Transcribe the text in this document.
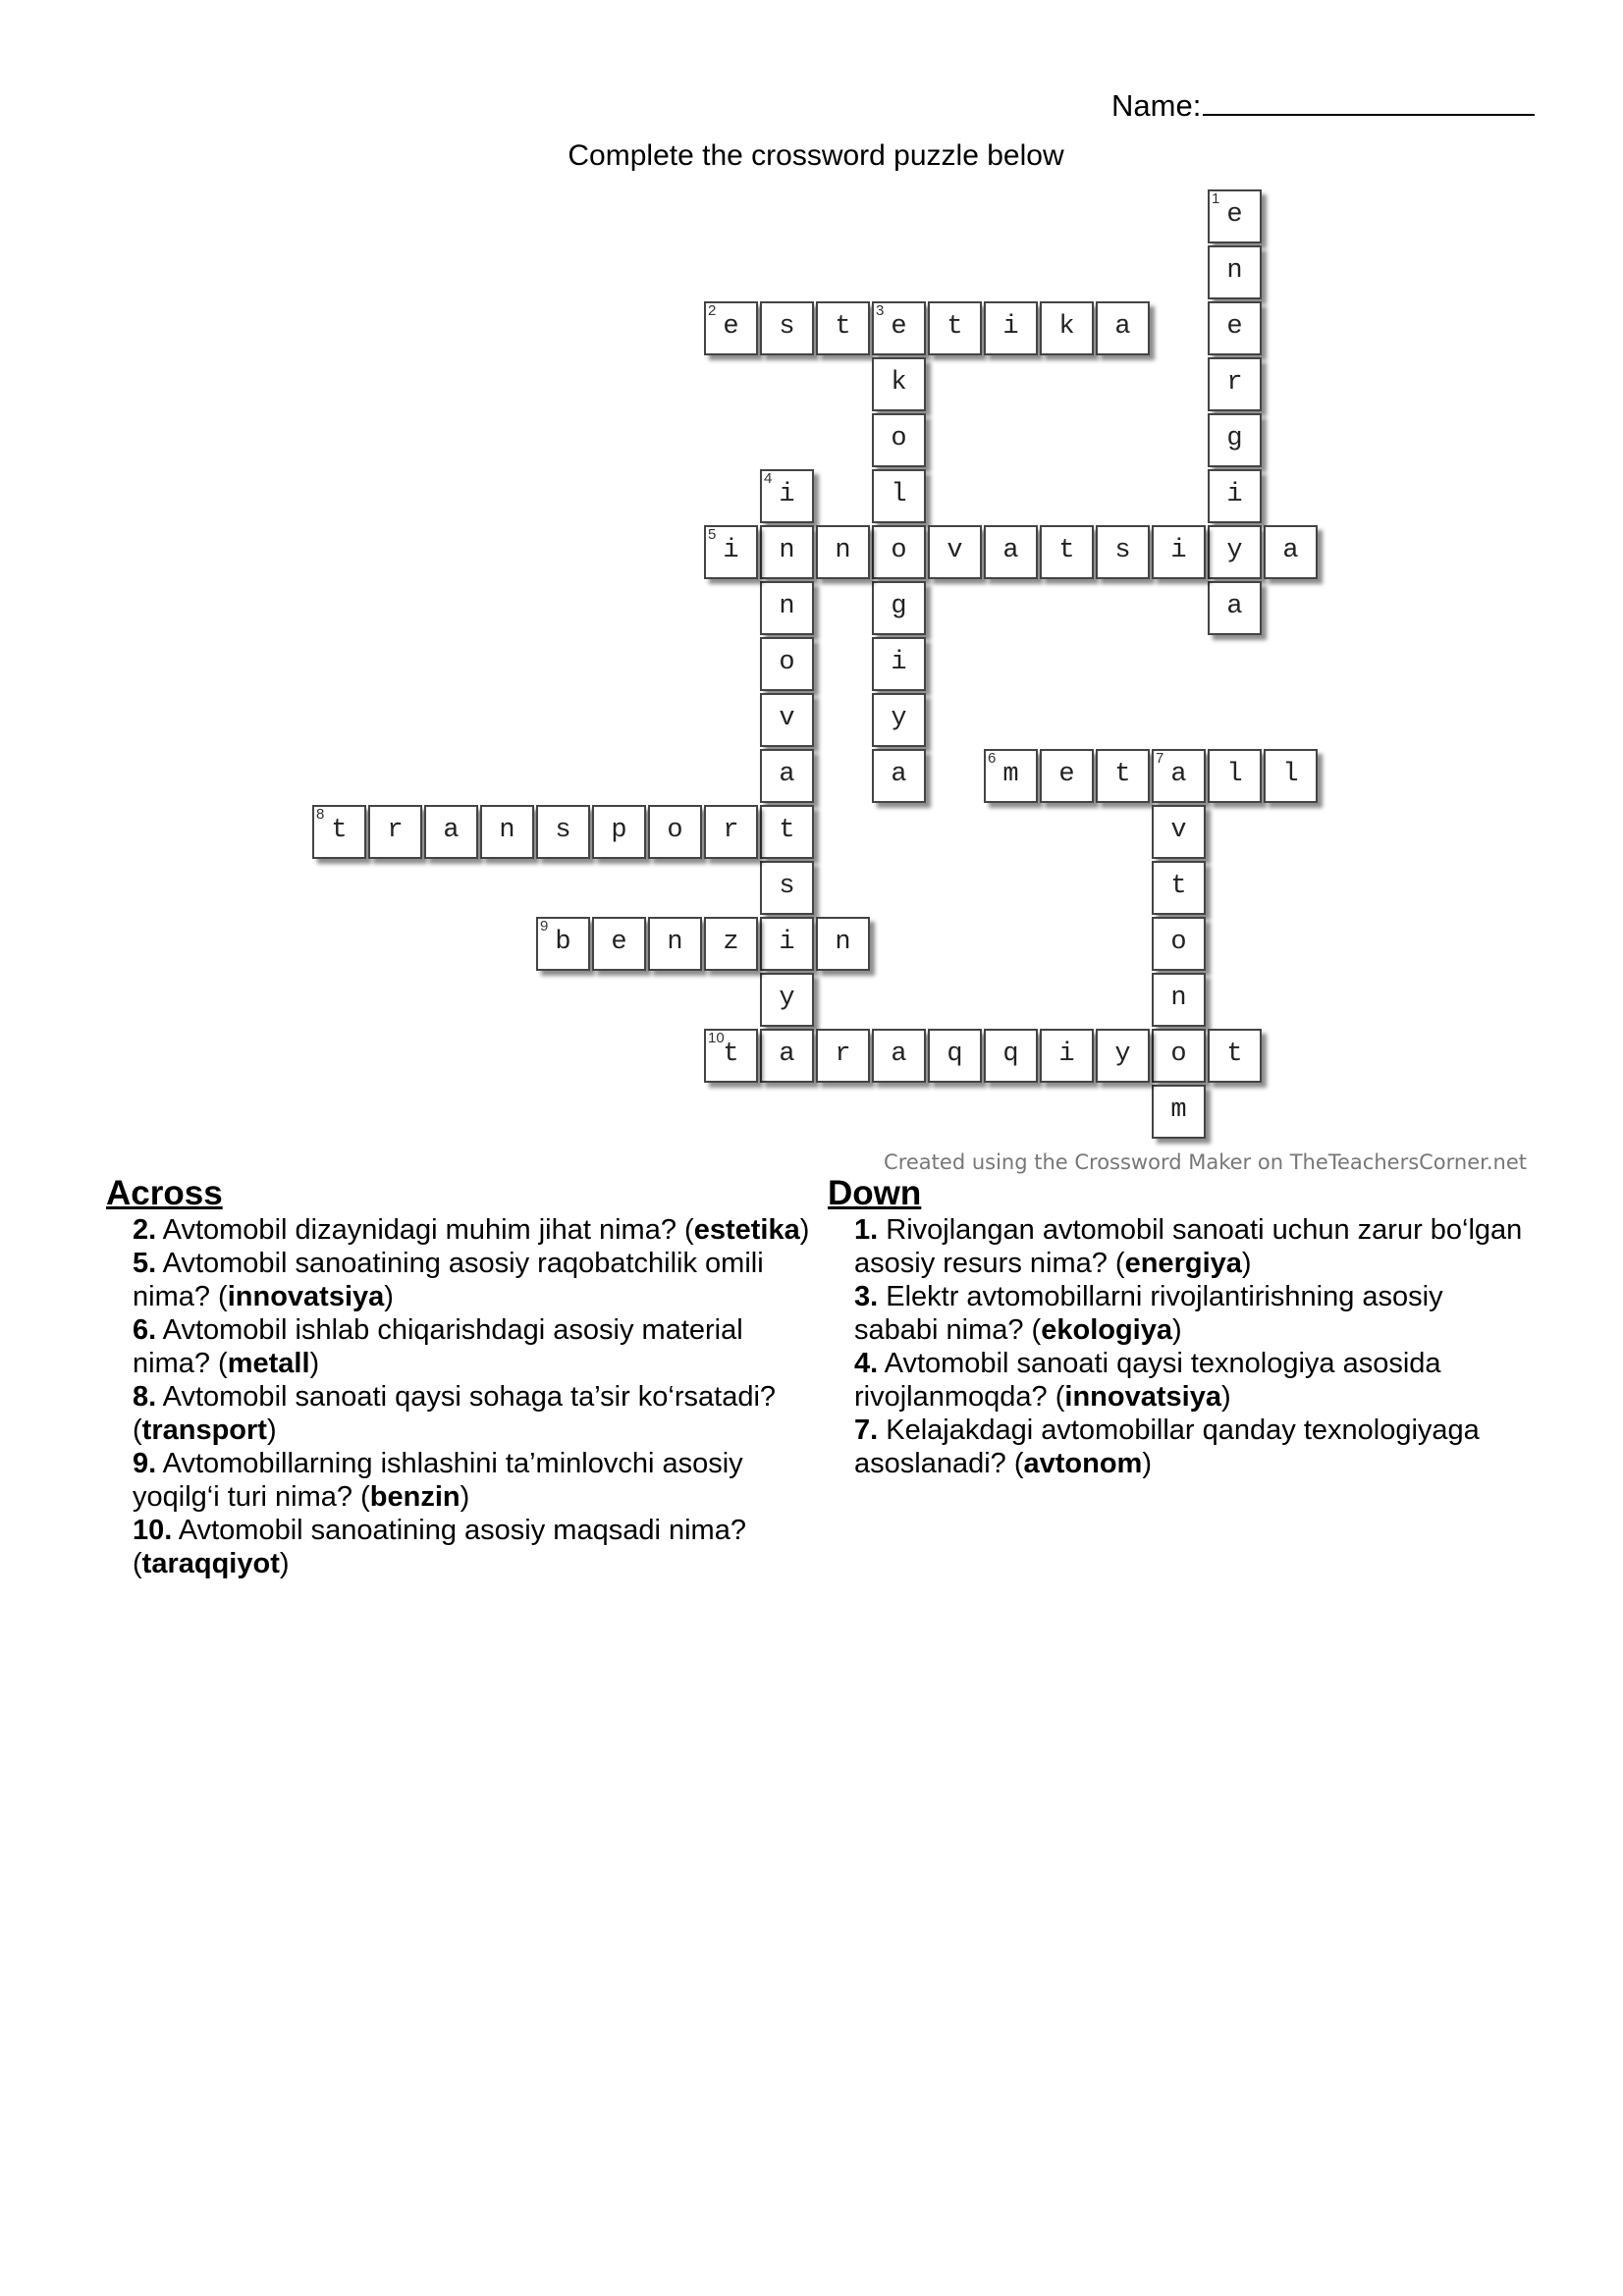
Name:
Complete the crossword puzzle below
1
e
n
e
r
g
i
y
a
2
e	s	t
3
e	t	i	k	a
k
o
l
o
g
i
y
a
4
i
n
n
o
v
a
t
s
i
y
a
5
i	n	v	a	t	s	i	a
6
m	e	t
7
a	l	l
v
t
o
n
o
m
8
t	r	a	n	s	p	o	r
9
b	e	n	z	n
10
t	r	a	q	q	i	y	t
Created using the Crossword Maker on TheTeachersCorner.net
Across
2. Avtomobil dizaynidagi muhim jihat nima? (estetika)
5. Avtomobil sanoatining asosiy raqobatchilik omili nima? (innovatsiya)
6. Avtomobil ishlab chiqarishdagi asosiy material nima? (metall)
8. Avtomobil sanoati qaysi sohaga ta’sir ko‘rsatadi? (transport)
9. Avtomobillarning ishlashini ta’minlovchi asosiy yoqilg‘i turi nima? (benzin)
10. Avtomobil sanoatining asosiy maqsadi nima? (taraqqiyot)
Down
1. Rivojlangan avtomobil sanoati uchun zarur bo‘lgan asosiy resurs nima? (energiya)
3. Elektr avtomobillarni rivojlantirishning asosiy sababi nima? (ekologiya)
4. Avtomobil sanoati qaysi texnologiya asosida rivojlanmoqda? (innovatsiya)
7. Kelajakdagi avtomobillar qanday texnologiyaga asoslanadi? (avtonom)
